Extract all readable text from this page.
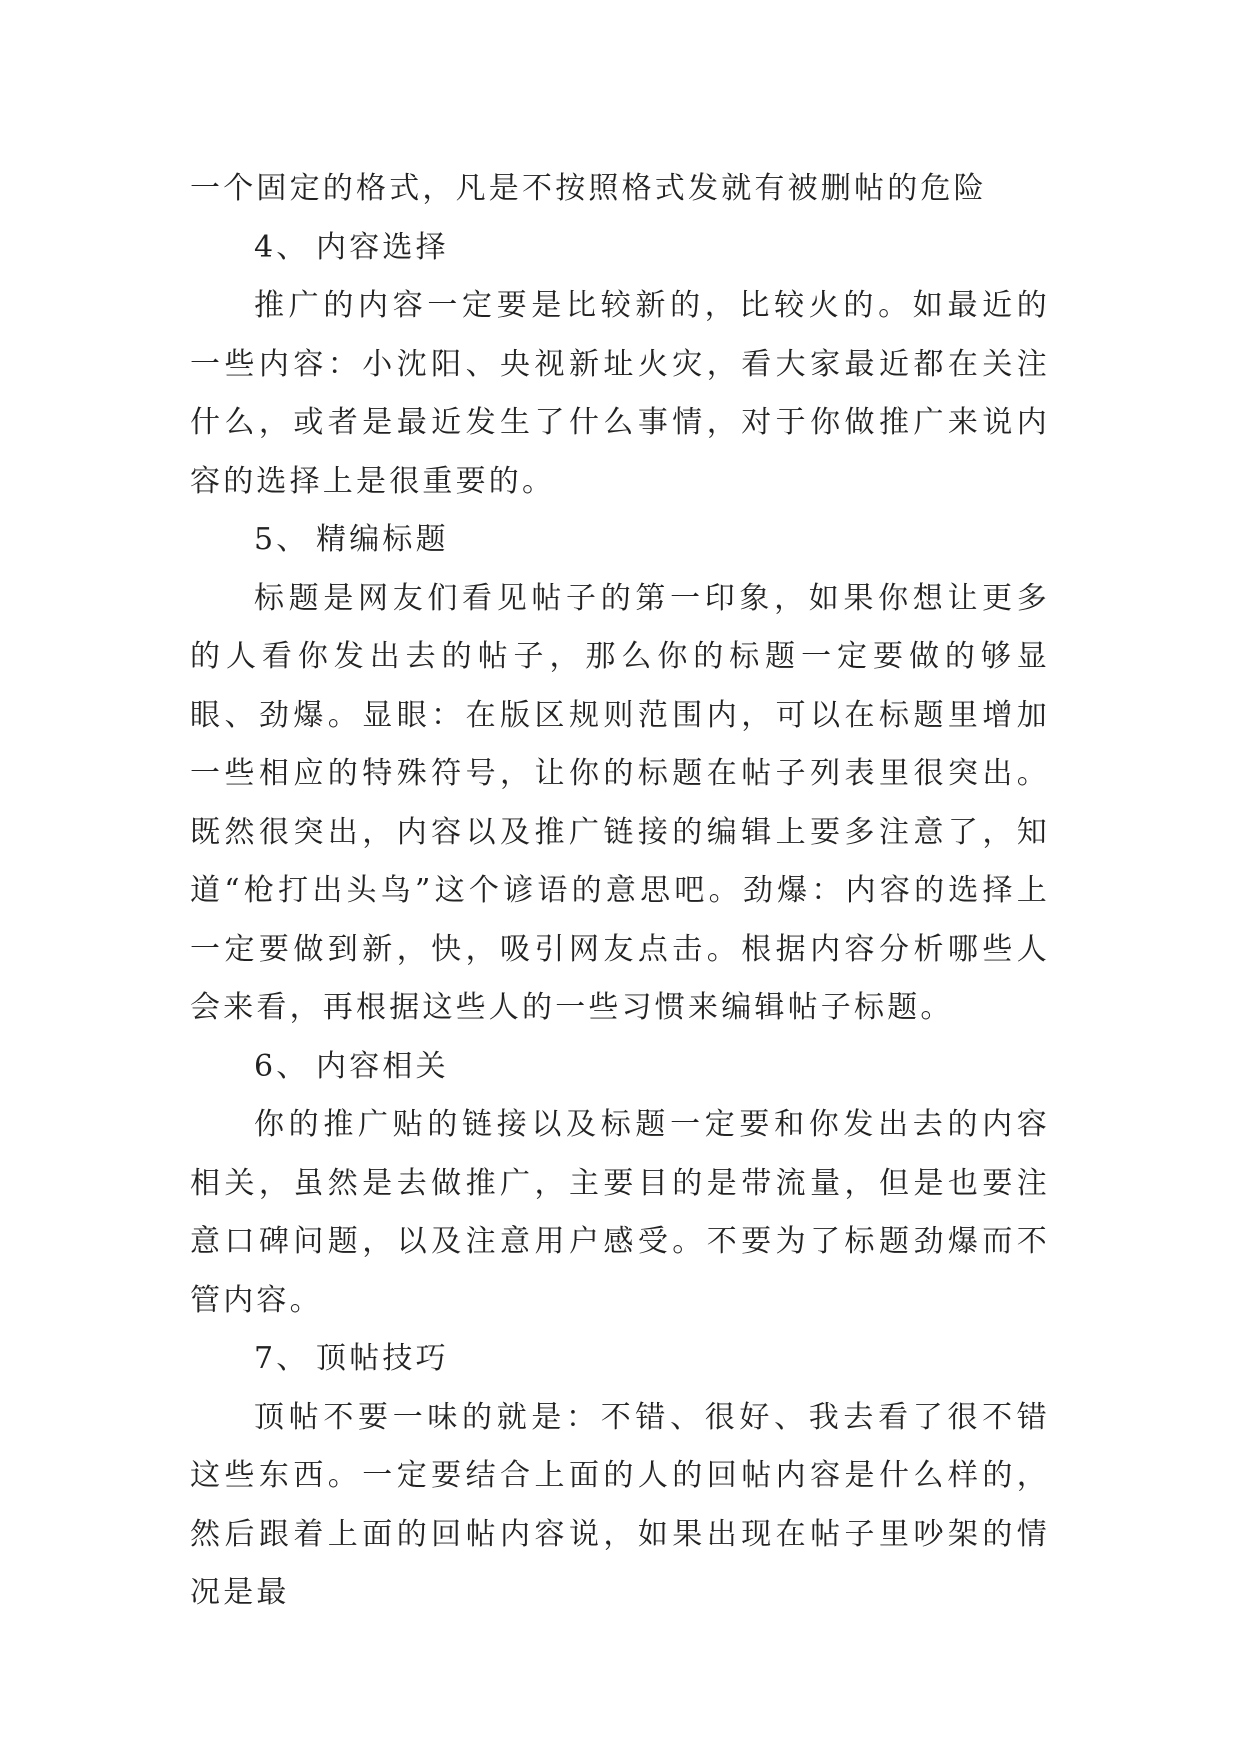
一个固定的格式，凡是不按照格式发就有被删帖的危险

4、 内容选择

推广的内容一定要是比较新的，比较火的。如最近的一些内容：小沈阳、央视新址火灾，看大家最近都在关注什么，或者是最近发生了什么事情，对于你做推广来说内容的选择上是很重要的。

5、 精编标题

标题是网友们看见帖子的第一印象，如果你想让更多的人看你发出去的帖子，那么你的标题一定要做的够显眼、劲爆。显眼：在版区规则范围内，可以在标题里增加一些相应的特殊符号，让你的标题在帖子列表里很突出。既然很突出，内容以及推广链接的编辑上要多注意了，知道“枪打出头鸟”这个谚语的意思吧。劲爆：内容的选择上一定要做到新，快，吸引网友点击。根据内容分析哪些人会来看，再根据这些人的一些习惯来编辑帖子标题。

6、 内容相关

你的推广贴的链接以及标题一定要和你发出去的内容相关，虽然是去做推广，主要目的是带流量，但是也要注意口碑问题，以及注意用户感受。不要为了标题劲爆而不管内容。

7、 顶帖技巧

顶帖不要一味的就是：不错、很好、我去看了很不错这些东西。一定要结合上面的人的回帖内容是什么样的，然后跟着上面的回帖内容说，如果出现在帖子里吵架的情况是最
